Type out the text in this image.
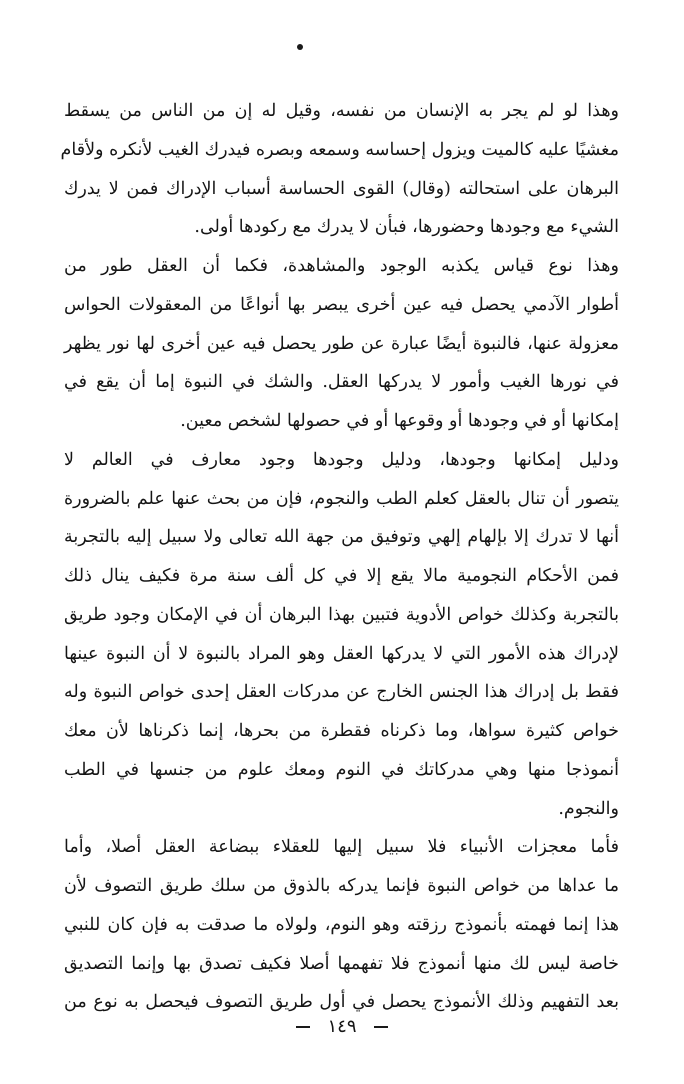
وهذا لو لم يجر به الإنسان من نفسه، وقيل له إن من الناس من يسقط
مغشيًا عليه كالميت ويزول إحساسه وسمعه وبصره فيدرك الغيب لأنكره ولأقام
البرهان على استحالته (وقال) القوى الحساسة أسباب الإدراك فمن لا يدرك
الشيء مع وجودها وحضورها، فبأن لا يدرك مع ركودها أولى.
وهذا نوع قياس يكذبه الوجود والمشاهدة، فكما أن العقل طور من
أطوار الآدمي يحصل فيه عين أخرى يبصر بها أنواعًا من المعقولات الحواس
معزولة عنها، فالنبوة أيضًا عبارة عن طور يحصل فيه عين أخرى لها نور يظهر
في نورها الغيب وأمور لا يدركها العقل. والشك في النبوة إما أن يقع في
إمكانها أو في وجودها أو وقوعها أو في حصولها لشخص معين.
ودليل إمكانها وجودها، ودليل وجودها وجود معارف في العالم لا
يتصور أن تنال بالعقل كعلم الطب والنجوم، فإن من بحث عنها علم بالضرورة
أنها لا تدرك إلا بإلهام إلهي وتوفيق من جهة الله تعالى ولا سبيل إليه بالتجربة
فمن الأحكام النجومية مالا يقع إلا في كل ألف سنة مرة فكيف ينال ذلك
بالتجربة وكذلك خواص الأدوية فتبين بهذا البرهان أن في الإمكان وجود طريق
لإدراك هذه الأمور التي لا يدركها العقل وهو المراد بالنبوة لا أن النبوة عينها
فقط بل إدراك هذا الجنس الخارج عن مدركات العقل إحدى خواص النبوة وله
خواص كثيرة سواها، وما ذكرناه فقطرة من بحرها، إنما ذكرناها لأن معك
أنموذجا منها وهي مدركاتك في النوم ومعك علوم من جنسها في الطب
والنجوم.
فأما معجزات الأنبياء فلا سبيل إليها للعقلاء ببضاعة العقل أصلا، وأما
ما عداها من خواص النبوة فإنما يدركه بالذوق من سلك طريق التصوف لأن
هذا إنما فهمته بأنموذج رزقته وهو النوم، ولولاه ما صدقت به فإن كان للنبي
خاصة ليس لك منها أنموذج فلا تفهمها أصلا فكيف تصدق بها وإنما التصديق
بعد التفهيم وذلك الأنموذج يحصل في أول طريق التصوف فيحصل به نوع من
١٤٩
